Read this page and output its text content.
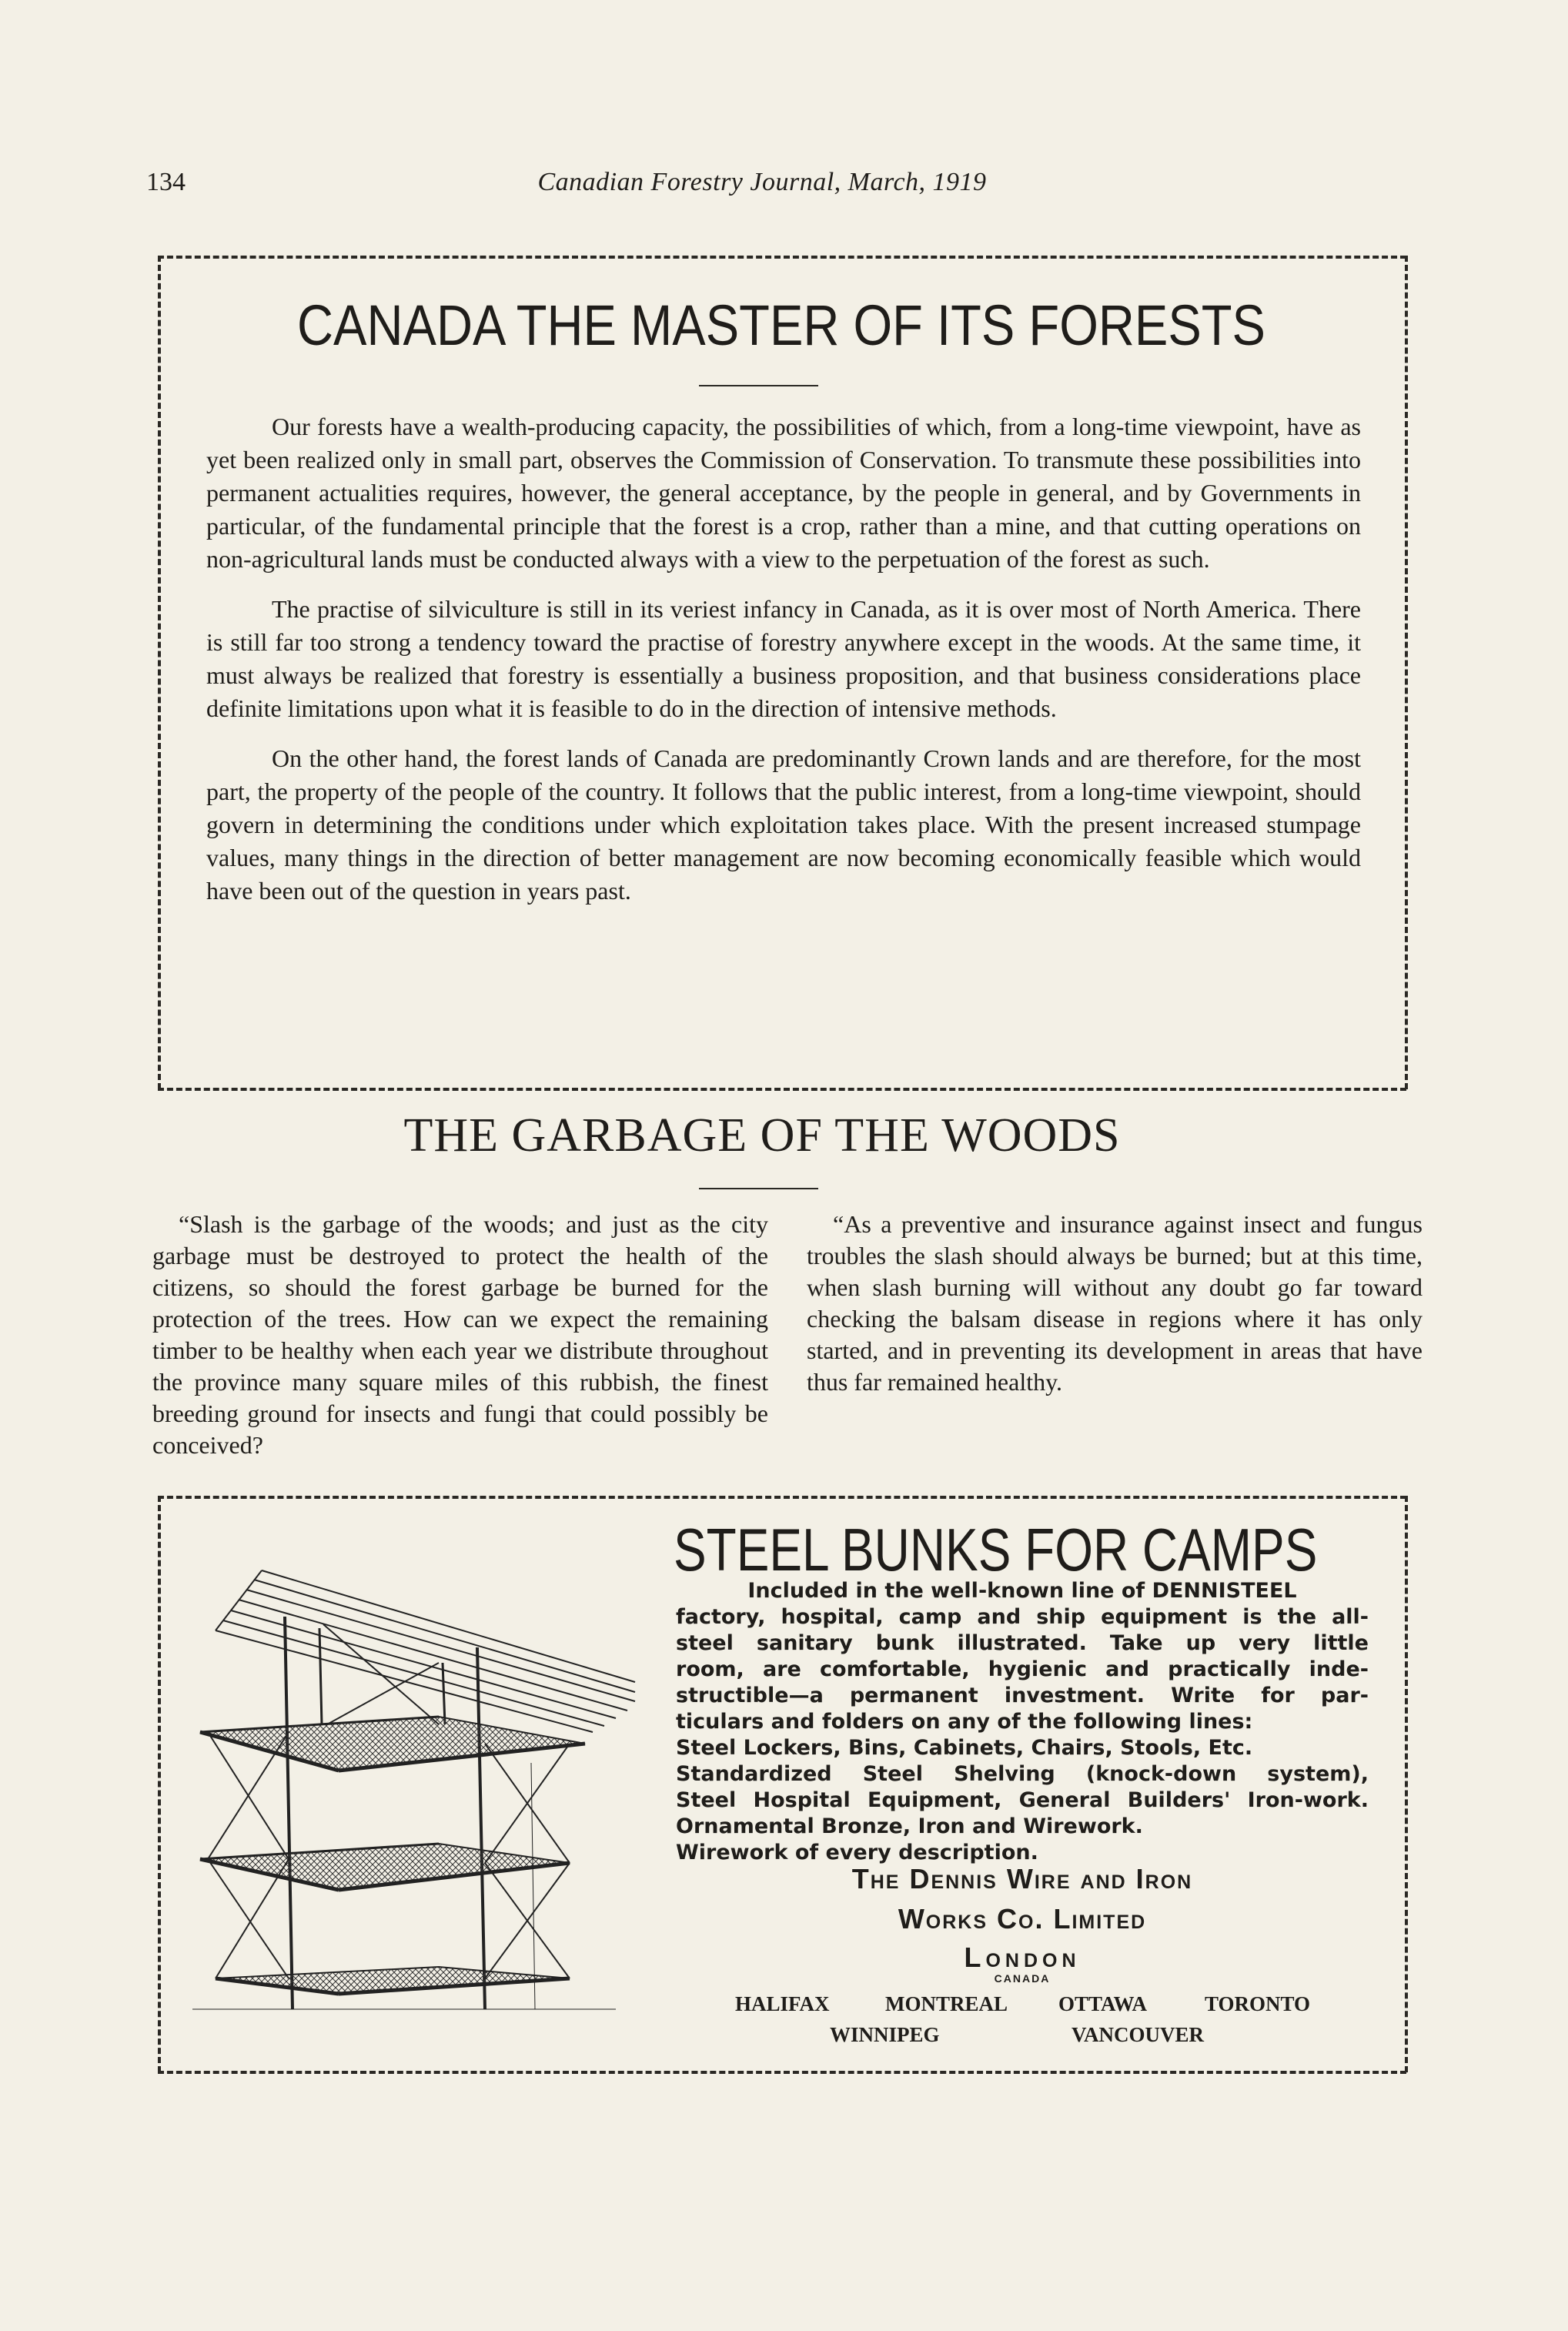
134	Canadian Forestry Journal, March, 1919
CANADA THE MASTER OF ITS FORESTS

Our forests have a wealth-producing capacity, the possibilities of which, from a long-time viewpoint, have as yet been realized only in small part, observes the Commission of Conservation. To transmute these possibilities into permanent actualities requires, however, the general acceptance, by the people in general, and by Governments in particular, of the fundamental principle that the forest is a crop, rather than a mine, and that cutting operations on non-agricultural lands must be conducted always with a view to the perpetuation of the forest as such.

The practise of silviculture is still in its veriest infancy in Canada, as it is over most of North America. There is still far too strong a tendency toward the practise of forestry anywhere except in the woods. At the same time, it must always be realized that forestry is essentially a business proposition, and that business considerations place definite limitations upon what it is feasible to do in the direction of intensive methods.

On the other hand, the forest lands of Canada are predominantly Crown lands and are therefore, for the most part, the property of the people of the country. It follows that the public interest, from a long-time viewpoint, should govern in determining the conditions under which exploitation takes place. With the present increased stumpage values, many things in the direction of better management are now becoming economically feasible which would have been out of the question in years past.

THE GARBAGE OF THE WOODS

“Slash is the garbage of the woods; and just as the city garbage must be destroyed to protect the health of the citizens, so should the forest garbage be burned for the protection of the trees. How can we expect the remaining timber to be healthy when each year we distribute throughout the province many square miles of this rubbish, the finest breeding ground for insects and fungi that could possibly be conceived?

“As a preventive and insurance against insect and fungus troubles the slash should always be burned; but at this time, when slash burning will without any doubt go far toward checking the balsam disease in regions where it has only started, and in preventing its development in areas that have thus far remained healthy.

STEEL BUNKS FOR CAMPS
Included in the well-known line of DENNISTEEL
factory, hospital, camp and ship equipment is the all-
steel sanitary bunk illustrated. Take up very little
room, are comfortable, hygienic and practically inde-
structible—a permanent investment. Write for par-
ticulars and folders on any of the following lines:
Steel Lockers, Bins, Cabinets, Chairs, Stools, Etc.
Standardized Steel Shelving (knock-down system),
Steel Hospital Equipment, General Builders' Iron-work.
Ornamental Bronze, Iron and Wirework.
Wirework of every description.
The Dennis Wire and Iron
Works Co. Limited
London
CANADA
HALIFAX	MONTREAL OTTAWA	TORONTO
WINNIPEG	VANCOUVER
